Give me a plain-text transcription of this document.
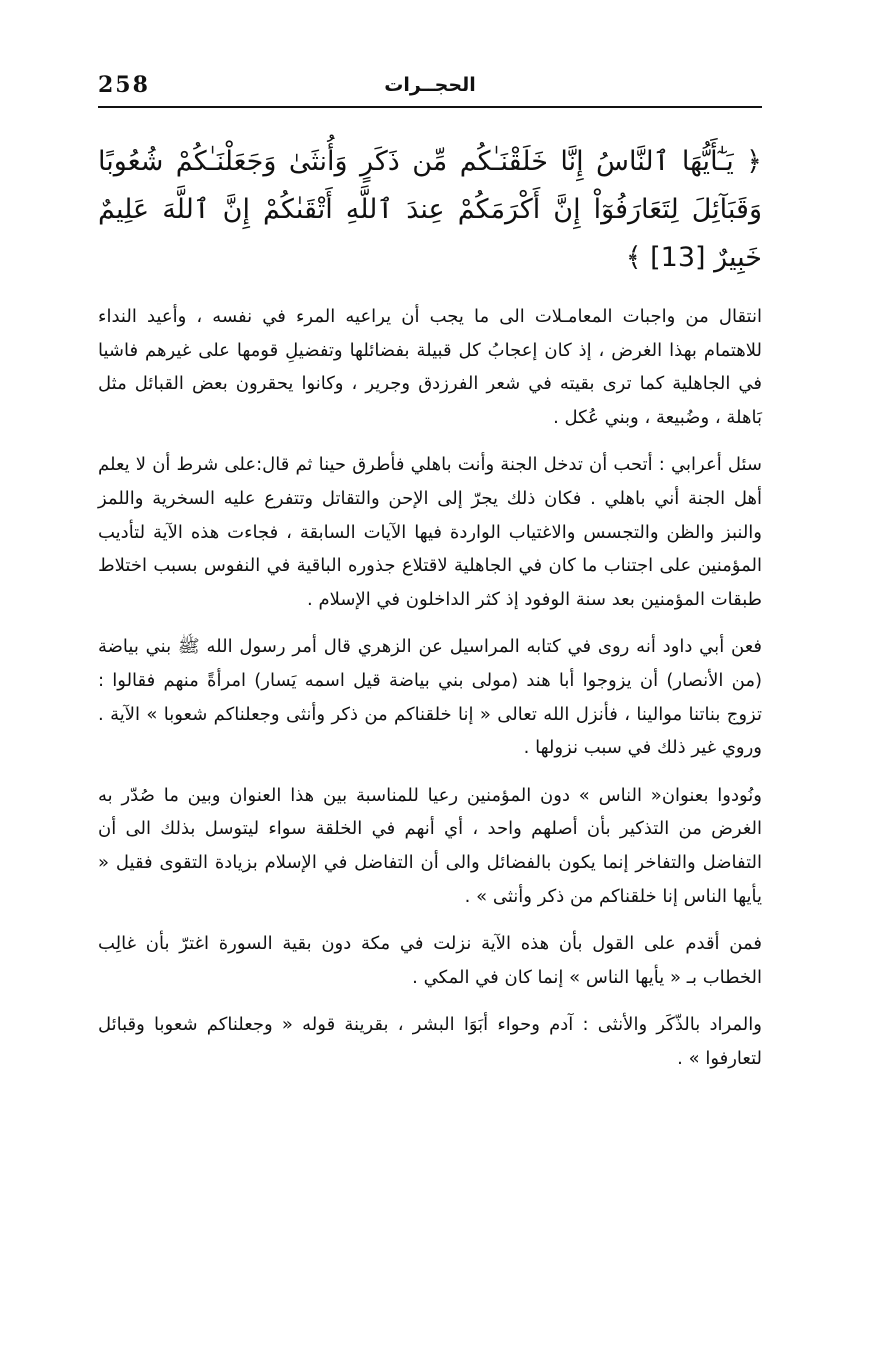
258	الحجــرات
﴿ يَـٰٓأَيُّهَا ٱلنَّاسُ إِنَّا خَلَقْنَـٰكُم مِّن ذَكَرٍ وَأُنثَىٰ وَجَعَلْنَـٰكُمْ شُعُوبًا وَقَبَآئِلَ لِتَعَارَفُوٓاْ إِنَّ أَكْرَمَكُمْ عِندَ ٱللَّهِ أَتْقَىٰكُمْ إِنَّ ٱللَّهَ عَلِيمٌ خَبِيرٌ [13] ﴾

انتقال من واجبات المعامـلات الى ما يجب أن يراعيه المرء في نفسه ، وأعيد النداء للاهتمام بهذا الغرض ، إذ كان إعجابُ كل قبيلة بفضائلها وتفضيلِ قومها على غيرهم فاشيا في الجاهلية كما ترى بقيته في شعر الفرزدق وجرير ، وكانوا يحقرون بعض القبائل مثل بَاهلة ، وضُبيعة ، وبني عُكل .

سئل أعرابي : أتحب أن تدخل الجنة وأنت باهلي فأطرق حينا ثم قال:على شرط أن لا يعلم أهل الجنة أني باهلي . فكان ذلك يجرّ إلى الإحن والتقاتل وتتفرع عليه السخرية واللمز والنبز والظن والتجسس والاغتياب الواردة فيها الآيات السابقة ، فجاءت هذه الآية لتأديب المؤمنين على اجتناب ما كان في الجاهلية لاقتلاع جذوره الباقية في النفوس بسبب اختلاط طبقات المؤمنين بعد سنة الوفود إذ كثر الداخلون في الإسلام .

فعن أبي داود أنه روى في كتابه المراسيل عن الزهري قال أمر رسول الله ﷺ بني بياضة (من الأنصار) أن يزوجوا أبا هند (مولى بني بياضة قيل اسمه يَسار) امرأةً منهم فقالوا : تزوج بناتنا موالينا ، فأنزل الله تعالى « إنا خلقناكم من ذكر وأنثى وجعلناكم شعوبا » الآية . وروي غير ذلك في سبب نزولها .

ونُودوا بعنوان« الناس » دون المؤمنين رعيا للمناسبة بين هذا العنوان وبين ما صُدّر به الغرض من التذكير بأن أصلهم واحد ، أي أنهم في الخلقة سواء ليتوسل بذلك الى أن التفاضل والتفاخر إنما يكون بالفضائل والى أن التفاضل في الإسلام بزيادة التقوى فقيل « يأيها الناس إنا خلقناكم من ذكر وأنثى » .

فمن أقدم على القول بأن هذه الآية نزلت في مكة دون بقية السورة اغترّ بأن غالِب الخطاب بـ « يأيها الناس » إنما كان في المكي .

والمراد بالذّكَر والأنثى : آدم وحواء أبَوَا البشر ، بقرينة قوله « وجعلناكم شعوبا وقبائل لتعارفوا » .
